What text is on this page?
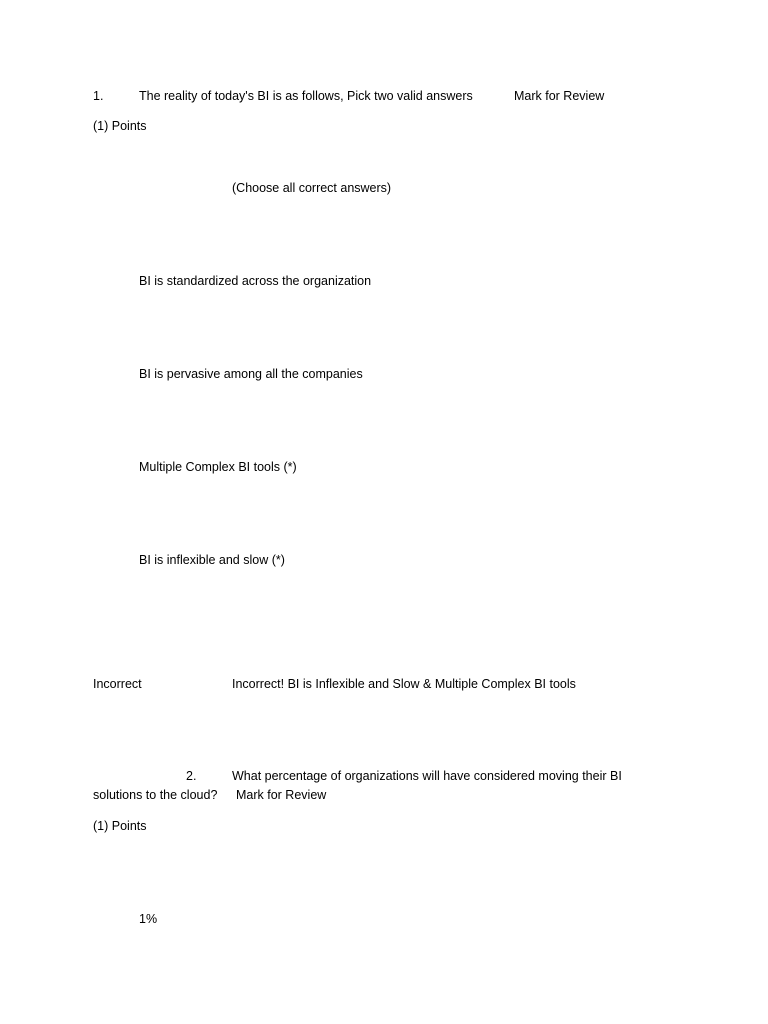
1.	The reality of today's BI is as follows, Pick two valid answers	Mark for Review
(1) Points
(Choose all correct answers)
BI is standardized across the organization
BI is pervasive among all the companies
Multiple Complex BI tools (*)
BI is inflexible and slow (*)
Incorrect	Incorrect! BI is Inflexible and Slow & Multiple Complex BI tools
2.	What percentage of organizations will have considered moving their BI
solutions to the cloud? Mark for Review
(1) Points
1%
